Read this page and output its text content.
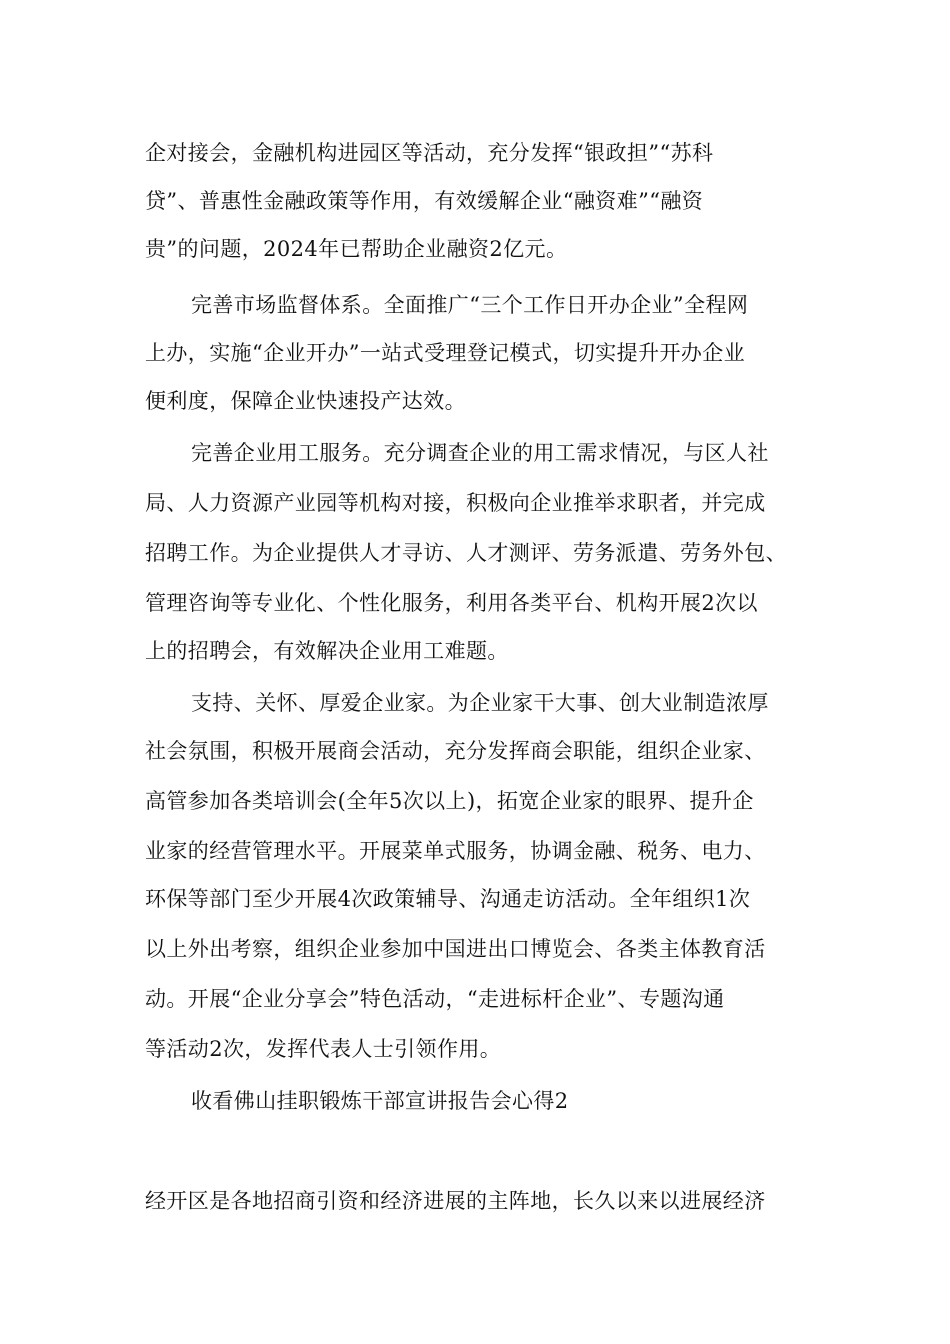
企对接会，金融机构进园区等活动，充分发挥“银政担”“苏科

贷”、普惠性金融政策等作用，有效缓解企业“融资难”“融资

贵”的问题，2024年已帮助企业融资2亿元。

完善市场监督体系。全面推广“三个工作日开办企业”全程网

上办，实施“企业开办”一站式受理登记模式，切实提升开办企业

便利度，保障企业快速投产达效。

完善企业用工服务。充分调查企业的用工需求情况，与区人社

局、人力资源产业园等机构对接，积极向企业推举求职者，并完成

招聘工作。为企业提供人才寻访、人才测评、劳务派遣、劳务外包、

管理咨询等专业化、个性化服务，利用各类平台、机构开展2次以

上的招聘会，有效解决企业用工难题。

支持、关怀、厚爱企业家。为企业家干大事、创大业制造浓厚

社会氛围，积极开展商会活动，充分发挥商会职能，组织企业家、

高管参加各类培训会(全年5次以上)，拓宽企业家的眼界、提升企

业家的经营管理水平。开展菜单式服务，协调金融、税务、电力、

环保等部门至少开展4次政策辅导、沟通走访活动。全年组织1次

以上外出考察，组织企业参加中国进出口博览会、各类主体教育活

动。开展“企业分享会”特色活动，“走进标杆企业”、专题沟通

等活动2次，发挥代表人士引领作用。

收看佛山挂职锻炼干部宣讲报告会心得2

经开区是各地招商引资和经济进展的主阵地，长久以来以进展经济
